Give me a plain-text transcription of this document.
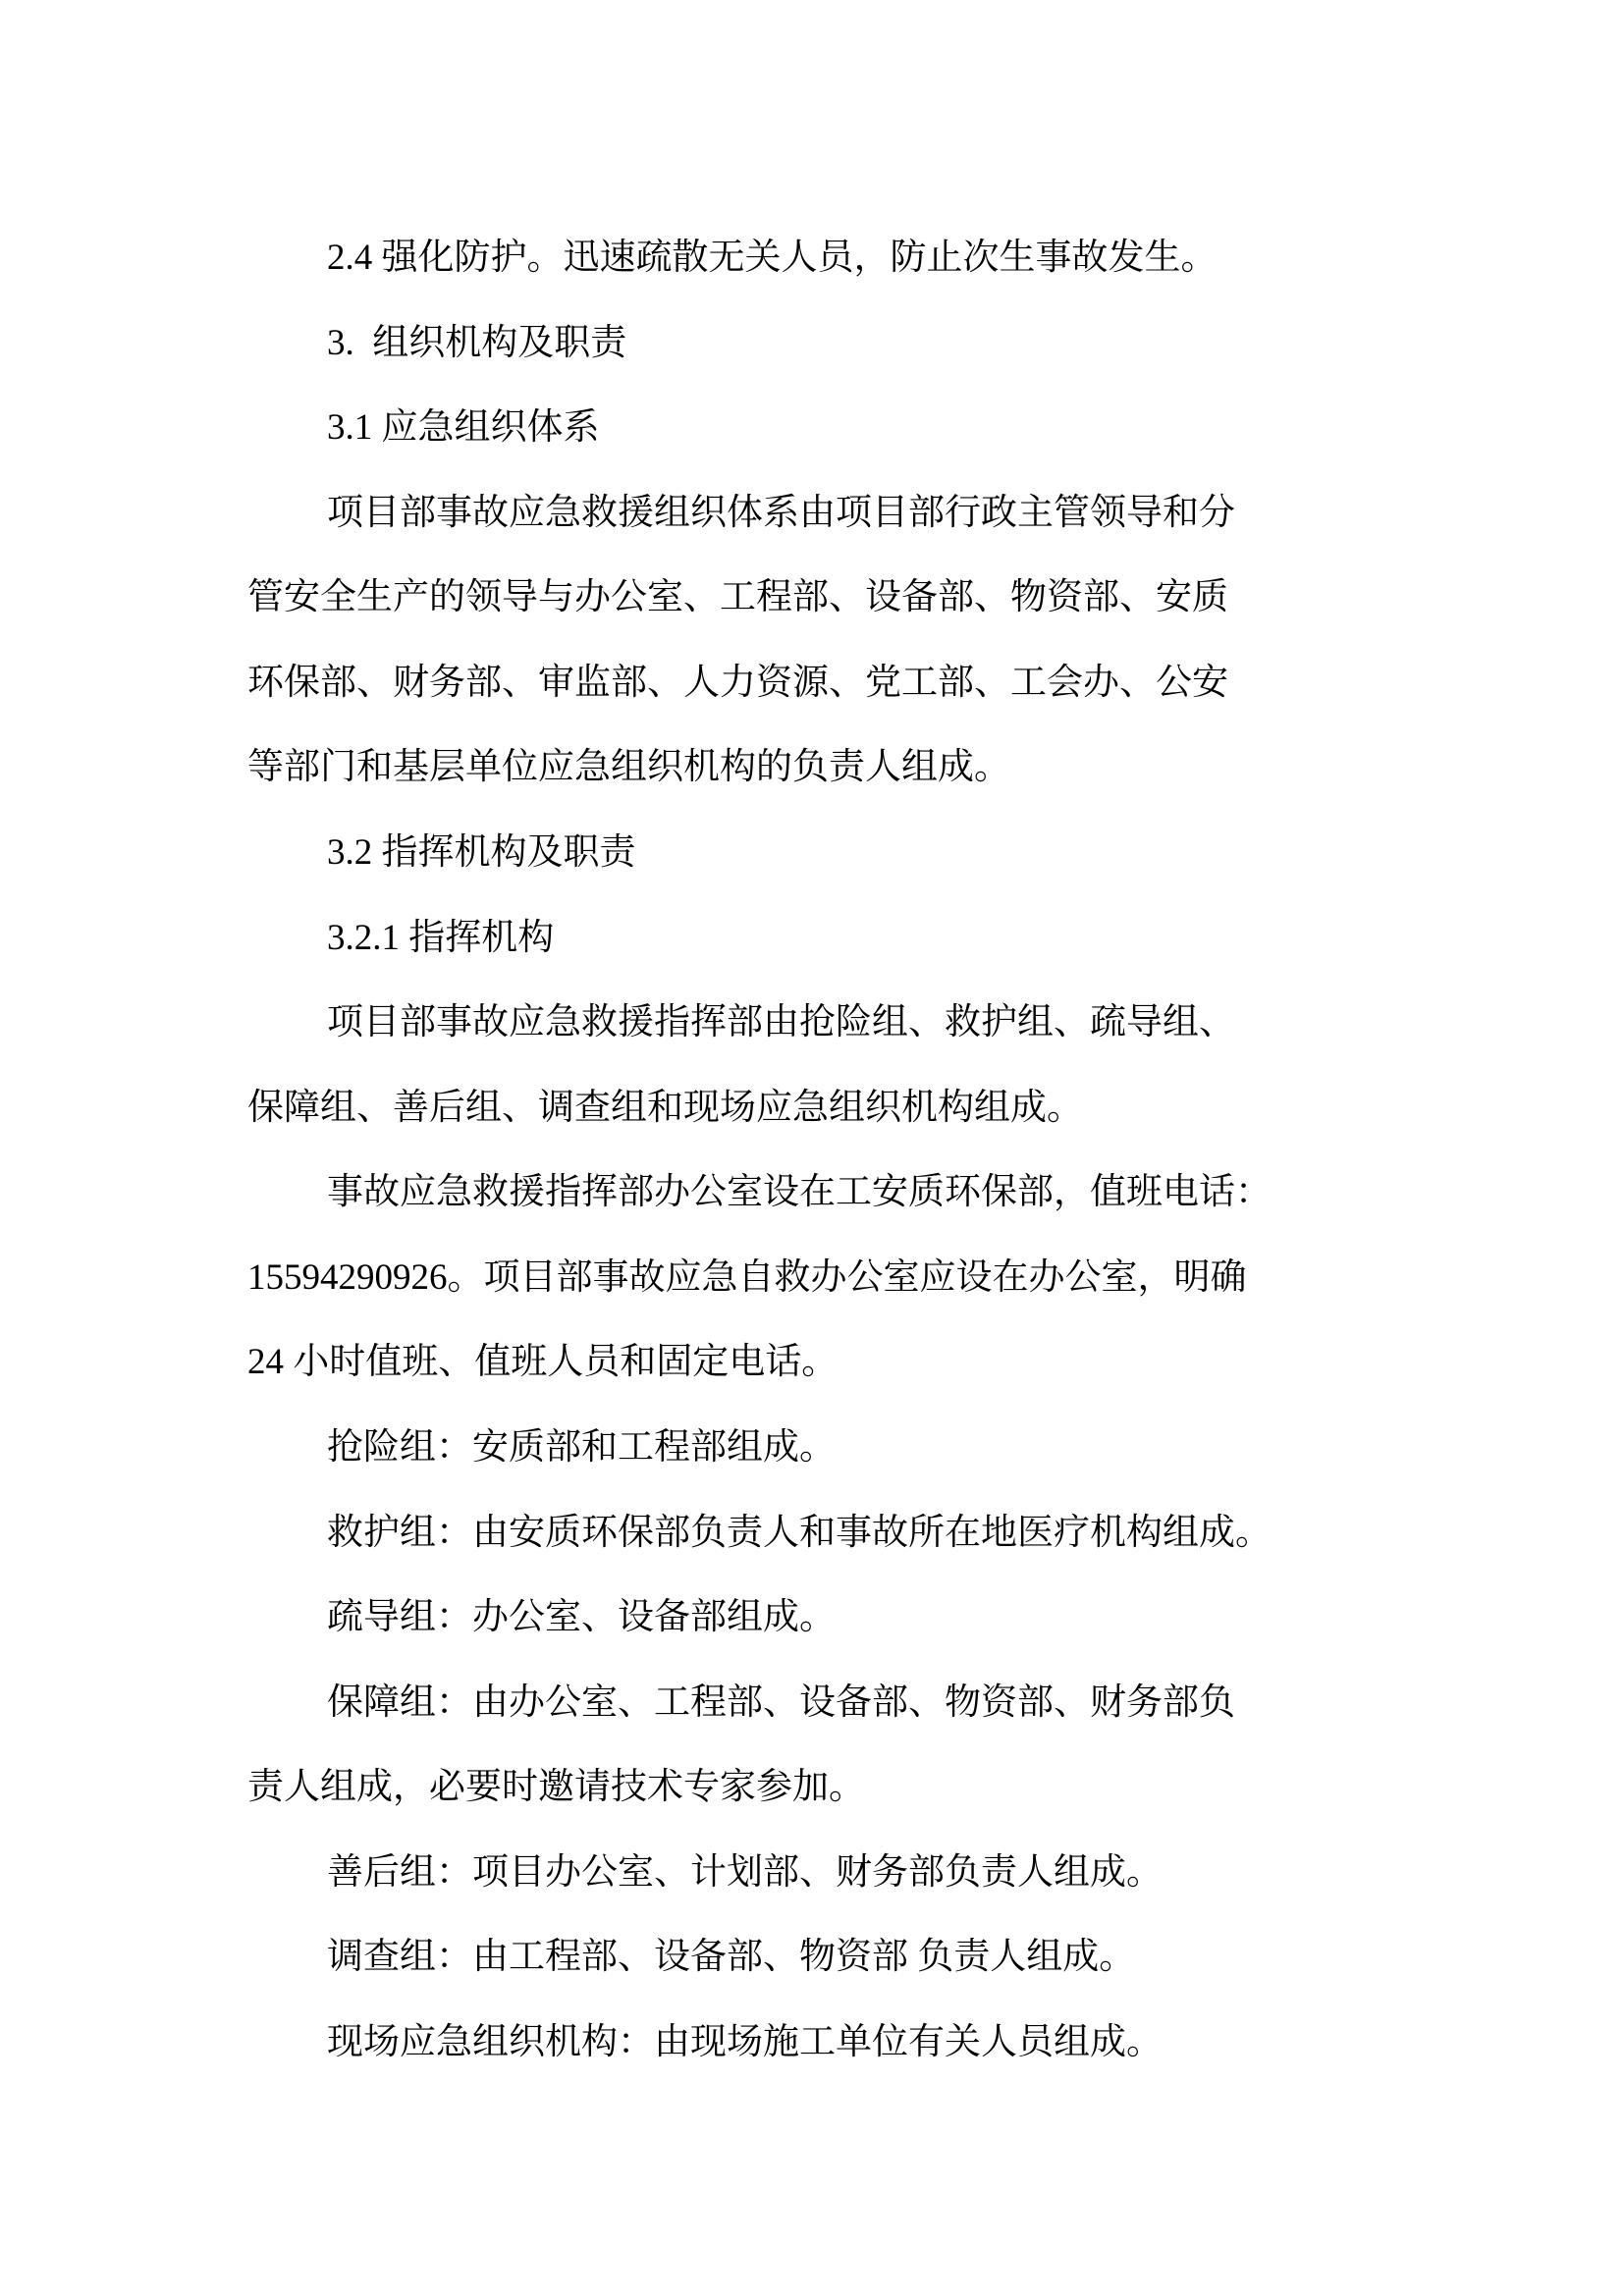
2.4 强化防护。迅速疏散无关人员，防止次生事故发生。
3.  组织机构及职责
3.1 应急组织体系
项目部事故应急救援组织体系由项目部行政主管领导和分
管安全生产的领导与办公室、工程部、设备部、物资部、安质
环保部、财务部、审监部、人力资源、党工部、工会办、公安
等部门和基层单位应急组织机构的负责人组成。
3.2 指挥机构及职责
3.2.1 指挥机构
项目部事故应急救援指挥部由抢险组、救护组、疏导组、
保障组、善后组、调查组和现场应急组织机构组成。
事故应急救援指挥部办公室设在工安质环保部，值班电话：
15594290926。项目部事故应急自救办公室应设在办公室，明确
24 小时值班、值班人员和固定电话。
抢险组：安质部和工程部组成。
救护组：由安质环保部负责人和事故所在地医疗机构组成。
疏导组：办公室、设备部组成。
保障组：由办公室、工程部、设备部、物资部、财务部负
责人组成，必要时邀请技术专家参加。
善后组：项目办公室、计划部、财务部负责人组成。
调查组：由工程部、设备部、物资部 负责人组成。
现场应急组织机构：由现场施工单位有关人员组成。
